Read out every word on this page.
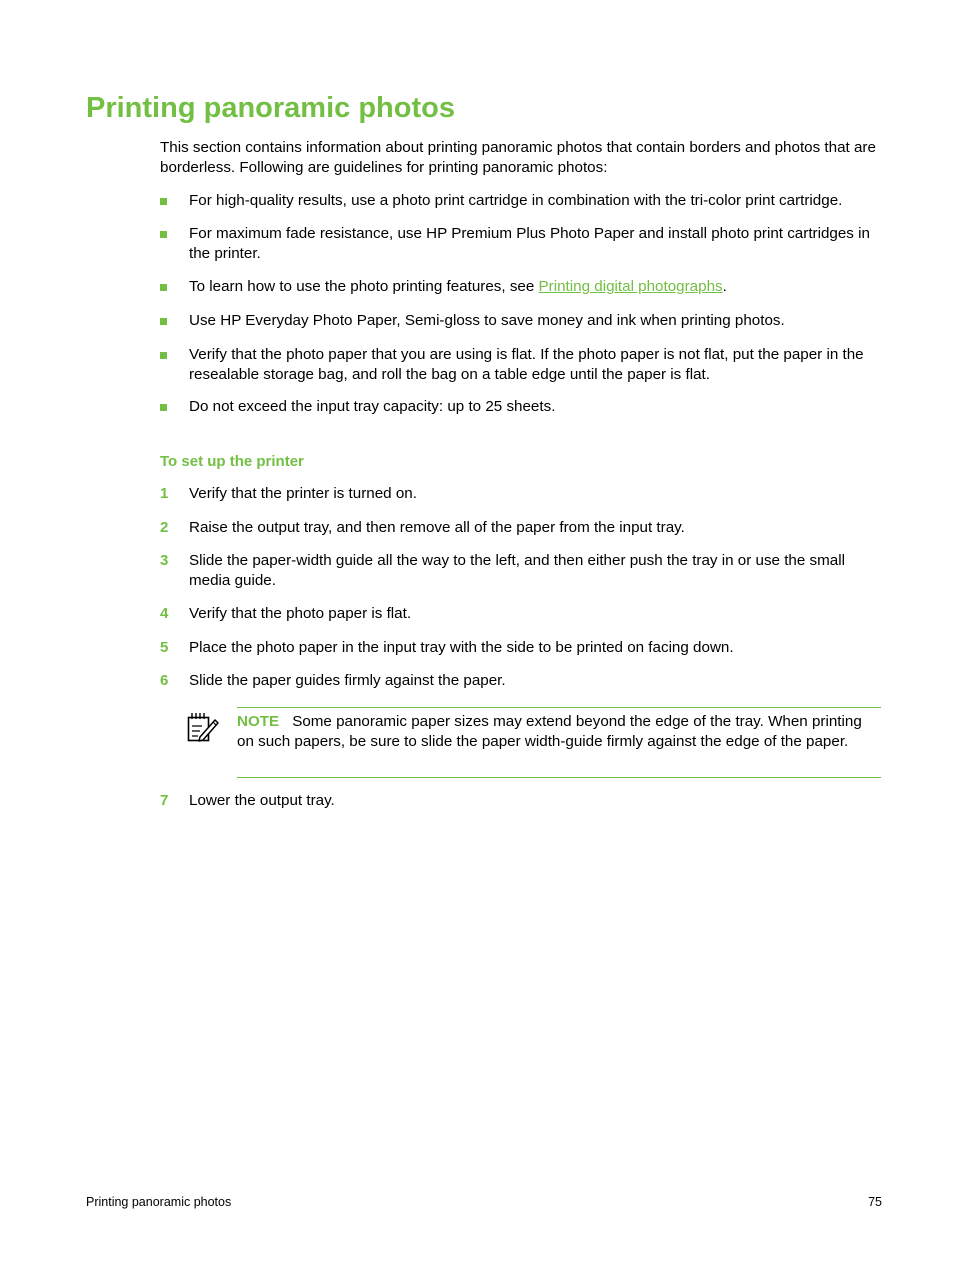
Printing panoramic photos
This section contains information about printing panoramic photos that contain borders and photos that are borderless. Following are guidelines for printing panoramic photos:
For high-quality results, use a photo print cartridge in combination with the tri-color print cartridge.
For maximum fade resistance, use HP Premium Plus Photo Paper and install photo print cartridges in the printer.
To learn how to use the photo printing features, see Printing digital photographs.
Use HP Everyday Photo Paper, Semi-gloss to save money and ink when printing photos.
Verify that the photo paper that you are using is flat. If the photo paper is not flat, put the paper in the resealable storage bag, and roll the bag on a table edge until the paper is flat.
Do not exceed the input tray capacity: up to 25 sheets.
To set up the printer
1	Verify that the printer is turned on.
2	Raise the output tray, and then remove all of the paper from the input tray.
3	Slide the paper-width guide all the way to the left, and then either push the tray in or use the small media guide.
4	Verify that the photo paper is flat.
5	Place the photo paper in the input tray with the side to be printed on facing down.
6	Slide the paper guides firmly against the paper.
NOTE Some panoramic paper sizes may extend beyond the edge of the tray. When printing on such papers, be sure to slide the paper width-guide firmly against the edge of the paper.
7	Lower the output tray.
Printing panoramic photos	75
